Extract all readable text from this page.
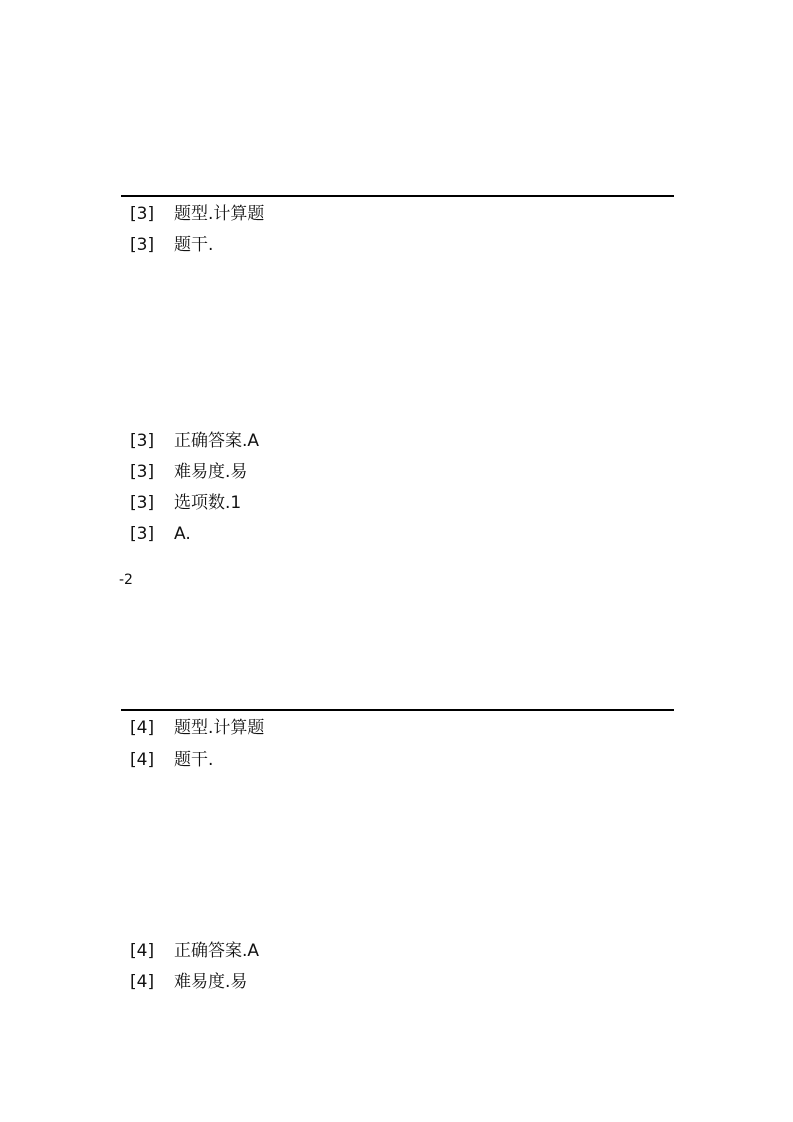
[3] 题型.计算题
[3] 题干.
[3] 正确答案.A
[3] 难易度.易
[3] 选项数.1
[3] A.
-2
[4] 题型.计算题
[4] 题干.
[4] 正确答案.A
[4] 难易度.易
